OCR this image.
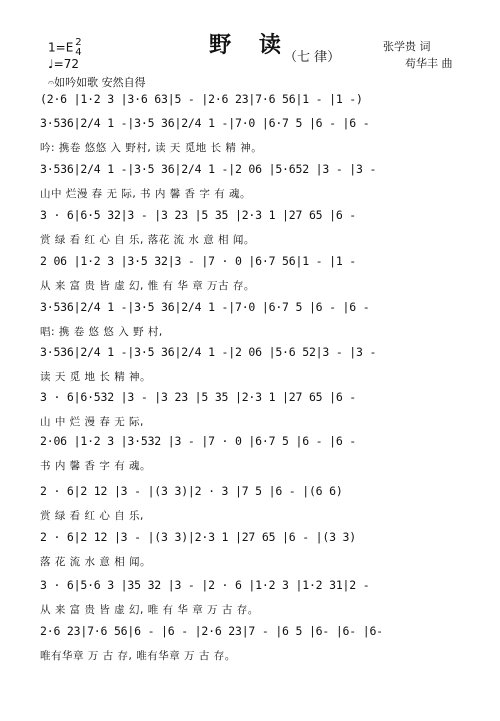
野 读
（七 律）
1=E 2
4
♩=72
𝄐如吟如歌 安然自得
张学贵 词
苟华丰 曲
(2·6 |1·2 3 |3·6 63|5 - |2·6 23|7·6 56|1 - |1 -)
3·536|2/4 1 -|3·5 36|2/4 1 -|7·0 |6·7 5 |6 - |6 -
吟: 携卷 悠悠 入 野村, 读 天 觅地 长 精 神。
3·536|2/4 1 -|3·5 36|2/4 1 -|2 06 |5·652 |3 - |3 -
山中 烂漫 春 无 际, 书 内 馨 香 字 有 魂。
3 · 6|6·5 32|3 - |3 23 |5 35 |2·3 1 |27 65 |6 -
赏 绿 看 红 心 自 乐, 落花 流 水 意 相 闻。
2 06 |1·2 3 |3·5 32|3 - |7 · 0 |6·7 56|1 - |1 -
从 来 富 贵 皆 虚 幻, 惟 有 华 章 万古 存。
3·536|2/4 1 -|3·5 36|2/4 1 -|7·0 |6·7 5 |6 - |6 -
唱: 携 卷 悠 悠 入 野 村,
3·536|2/4 1 -|3·5 36|2/4 1 -|2 06 |5·6 52|3 - |3 -
读 天 觅 地 长 精 神。
3 · 6|6·532 |3 - |3 23 |5 35 |2·3 1 |27 65 |6 -
山 中 烂 漫 春 无 际,
2·06 |1·2 3 |3·532 |3 - |7 · 0 |6·7 5 |6 - |6 -
书 内 馨 香 字 有 魂。
2 · 6|2 12 |3 - |(3 3)|2 · 3 |7 5 |6 - |(6 6)
赏 绿 看 红 心 自 乐,
2 · 6|2 12 |3 - |(3 3)|2·3 1 |27 65 |6 - |(3 3)
落 花 流 水 意 相 闻。
3 · 6|5·6 3 |35 32 |3 - |2 · 6 |1·2 3 |1·2 31|2 -
从 来 富 贵 皆 虚 幻, 唯 有 华 章 万 古 存。
2·6 23|7·6 56|6 - |6 - |2·6 23|7 - |6 5 |6- |6- |6-
唯有华章 万 古 存, 唯有华章 万 古 存。
